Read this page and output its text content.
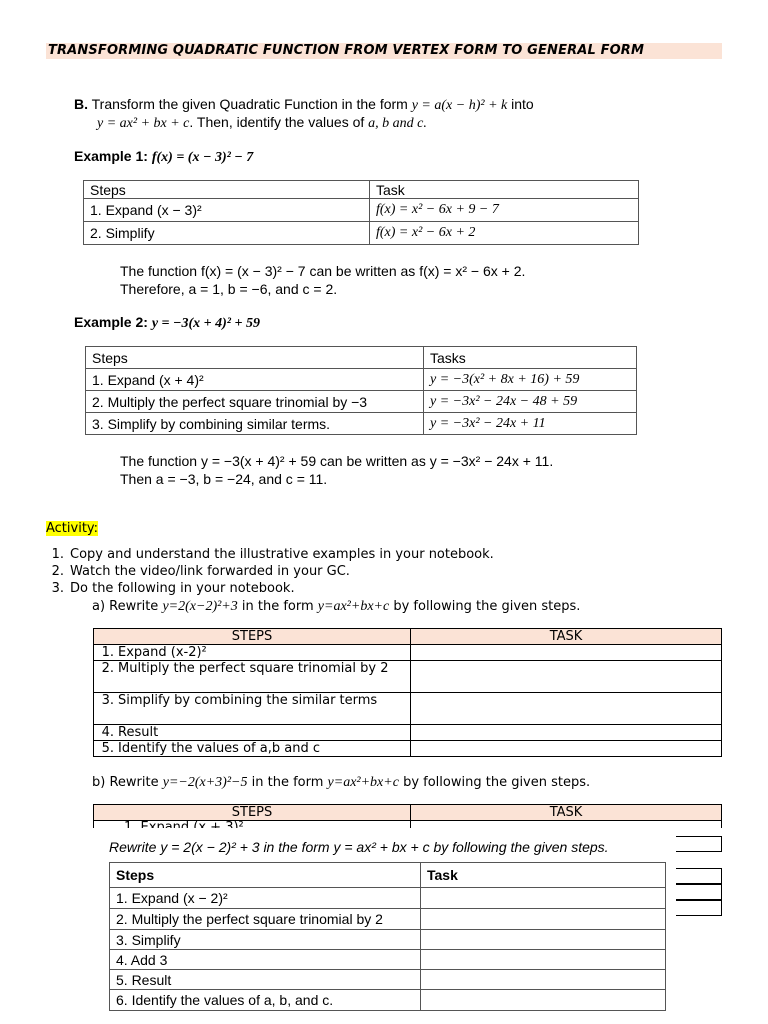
TRANSFORMING QUADRATIC FUNCTION FROM VERTEX FORM TO GENERAL FORM
B. Transform the given Quadratic Function in the form y = a(x − h)² + k into
y = ax² + bx + c. Then, identify the values of a, b and c.
Example 1: f(x) = (x − 3)² − 7
Steps	Task
1. Expand (x − 3)²	f(x) = x² − 6x + 9 − 7
2. Simplify	f(x) = x² − 6x + 2
The function f(x) = (x − 3)² − 7 can be written as f(x) = x² − 6x + 2.
Therefore, a = 1, b = −6, and c = 2.
Example 2: y = −3(x + 4)² + 59
Steps	Tasks
1. Expand (x + 4)²	y = −3(x² + 8x + 16) + 59
2. Multiply the perfect square trinomial by −3	y = −3x² − 24x − 48 + 59
3. Simplify by combining similar terms.	y = −3x² − 24x + 11
The function y = −3(x + 4)² + 59 can be written as y = −3x² − 24x + 11.
Then a = −3, b = −24, and c = 11.
Activity:
1. Copy and understand the illustrative examples in your notebook.
2. Watch the video/link forwarded in your GC.
3. Do the following in your notebook.
a) Rewrite y=2(x−2)²+3 in the form y=ax²+bx+c by following the given steps.
STEPS	TASK

1. Expand (x-2)²	

2. Multiply the perfect square trinomial by 2	

3. Simplify by combining the similar terms	

4. Result	

5. Identify the values of a,b and c	

b) Rewrite y=−2(x+3)²−5 in the form y=ax²+bx+c by following the given steps.
STEPS	TASK

Rewrite y = 2(x − 2)² + 3 in the form y = ax² + bx + c by following the given steps.
Steps	Task
1. Expand (x − 2)²	
2. Multiply the perfect square trinomial by 2	
3. Simplify	
4. Add 3	
5. Result	
6. Identify the values of a, b, and c.	
